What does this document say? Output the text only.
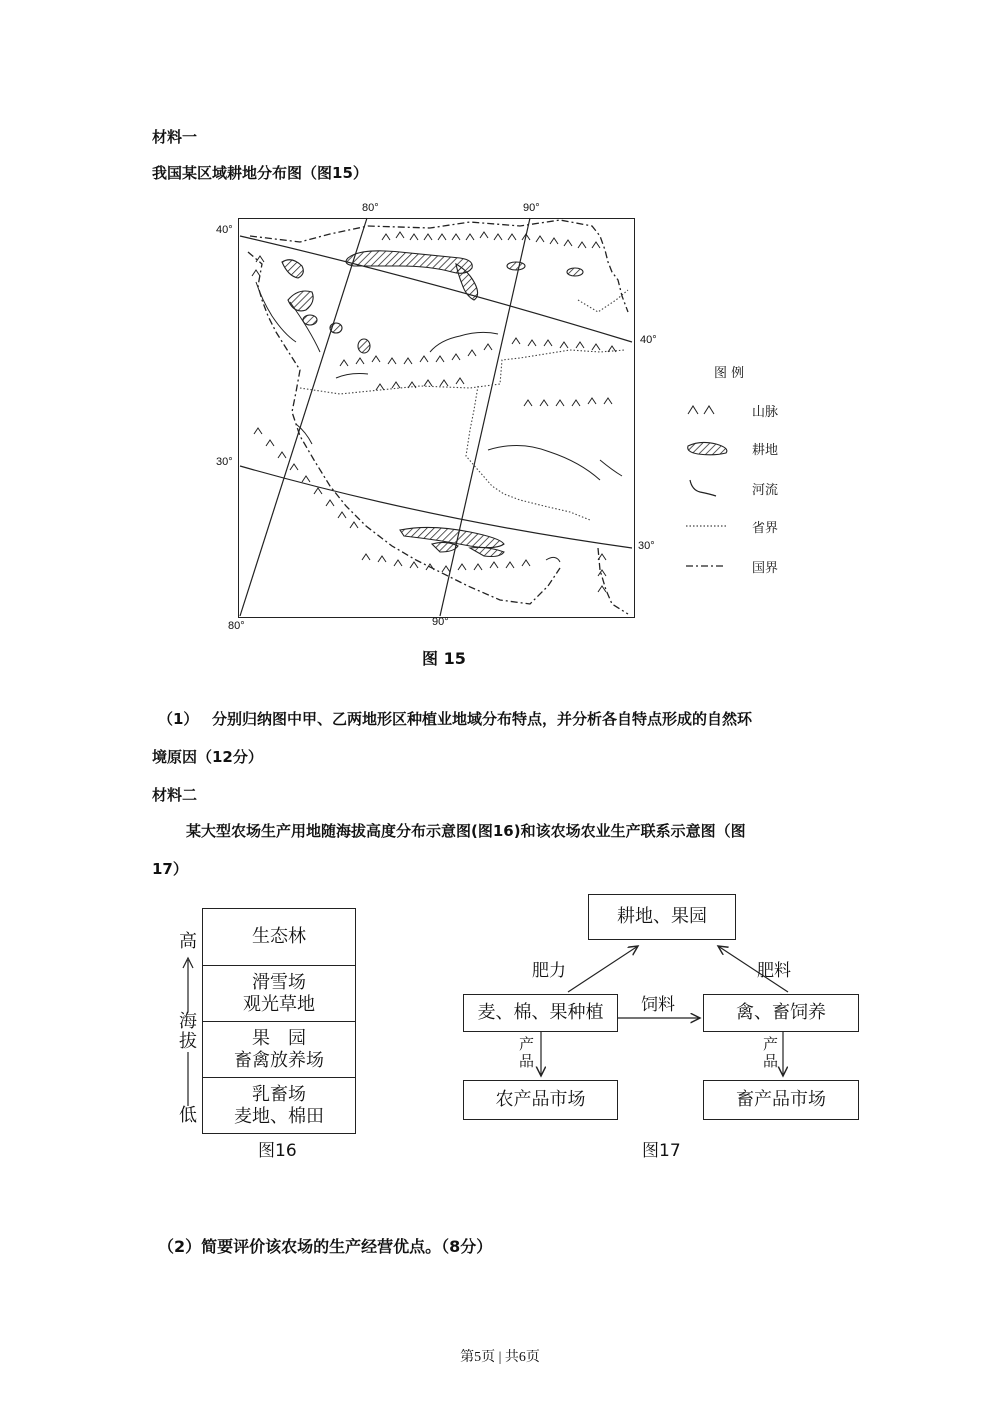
材料一
我国某区域耕地分布图（图15）
80°	90°
80°	90°
40°
30°
40°
30°
图 例
山脉
耕地
河流
省界
国界
图 15
（1） 分别归纳图中甲、乙两地形区种植业地域分布特点，并分析各自特点形成的自然环
境原因（12分）
材料二
某大型农场生产用地随海拔高度分布示意图(图16)和该农场农业生产联系示意图（图
17）
高
海拔
低
生态林
滑雪场
观光草地
果　园
畜禽放养场
乳畜场
麦地、棉田
图16
耕地、果园
麦、棉、果种植	禽、畜饲养
农产品市场	畜产品市场
肥力	肥料
饲料
产品
产品
图17
（2）简要评价该农场的生产经营优点。（8分）
第5页 | 共6页
